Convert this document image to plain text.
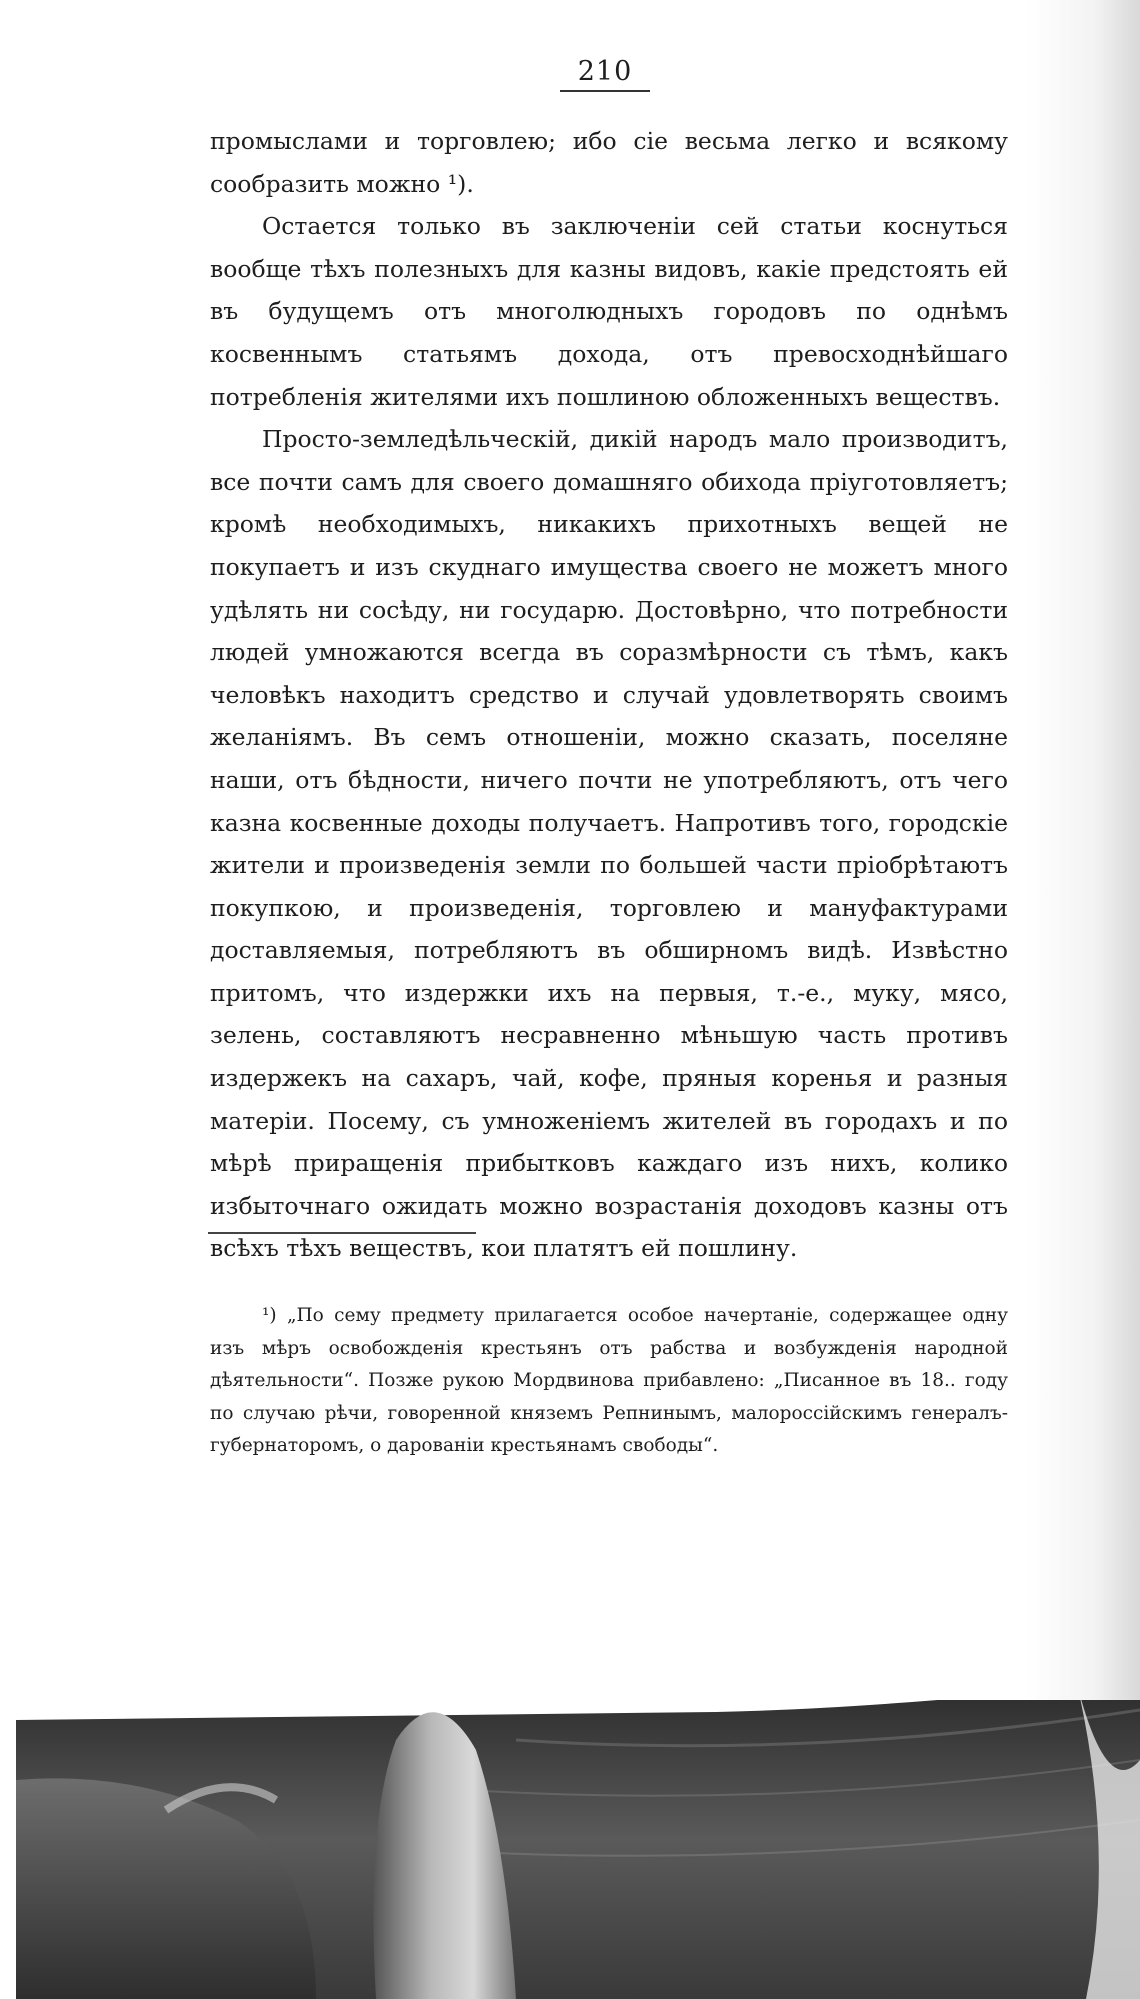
210

промыслами и торговлею; ибо сіе весьма легко и всякому сообразить можно ¹).

Остается только въ заключеніи сей статьи коснуться вообще тѣхъ полезныхъ для казны видовъ, какіе предстоять ей въ будущемъ отъ многолюдныхъ городовъ по однѣмъ косвеннымъ статьямъ дохода, отъ превосходнѣйшаго потребленія жителями ихъ пошлиною обложенныхъ веществъ.

Просто-земледѣльческій, дикій народъ мало производитъ, все почти самъ для своего домашняго обихода пріуготовляетъ; кромѣ необходимыхъ, никакихъ прихотныхъ вещей не покупаетъ и изъ скуднаго имущества своего не можетъ много удѣлять ни сосѣду, ни государю. Достовѣрно, что потребности людей умножаются всегда въ соразмѣрности съ тѣмъ, какъ человѣкъ находитъ средство и случай удовлетворять своимъ желаніямъ. Въ семъ отношеніи, можно сказать, поселяне наши, отъ бѣдности, ничего почти не употребляютъ, отъ чего казна косвенные доходы получаетъ. Напротивъ того, городскіе жители и произведенія земли по большей части пріобрѣтаютъ покупкою, и произведенія, торговлею и мануфактурами доставляемыя, потребляютъ въ обширномъ видѣ. Извѣстно притомъ, что издержки ихъ на первыя, т.-е., муку, мясо, зелень, составляютъ несравненно мѣньшую часть противъ издержекъ на сахаръ, чай, кофе, пряныя коренья и разныя матеріи. Посему, съ умноженіемъ жителей въ городахъ и по мѣрѣ приращенія прибытковъ каждаго изъ нихъ, колико избыточнаго ожидать можно возрастанія доходовъ казны отъ всѣхъ тѣхъ веществъ, кои платятъ ей пошлину.

¹) „По сему предмету прилагается особое начертаніе, содержащее одну изъ мѣръ освобожденія крестьянъ отъ рабства и возбужденія народной дѣятельности“. Позже рукою Мордвинова прибавлено: „Писанное въ 18.. году по случаю рѣчи, говоренной княземъ Репнинымъ, малороссійскимъ генералъ-губернаторомъ, о дарованіи крестьянамъ свободы“.
